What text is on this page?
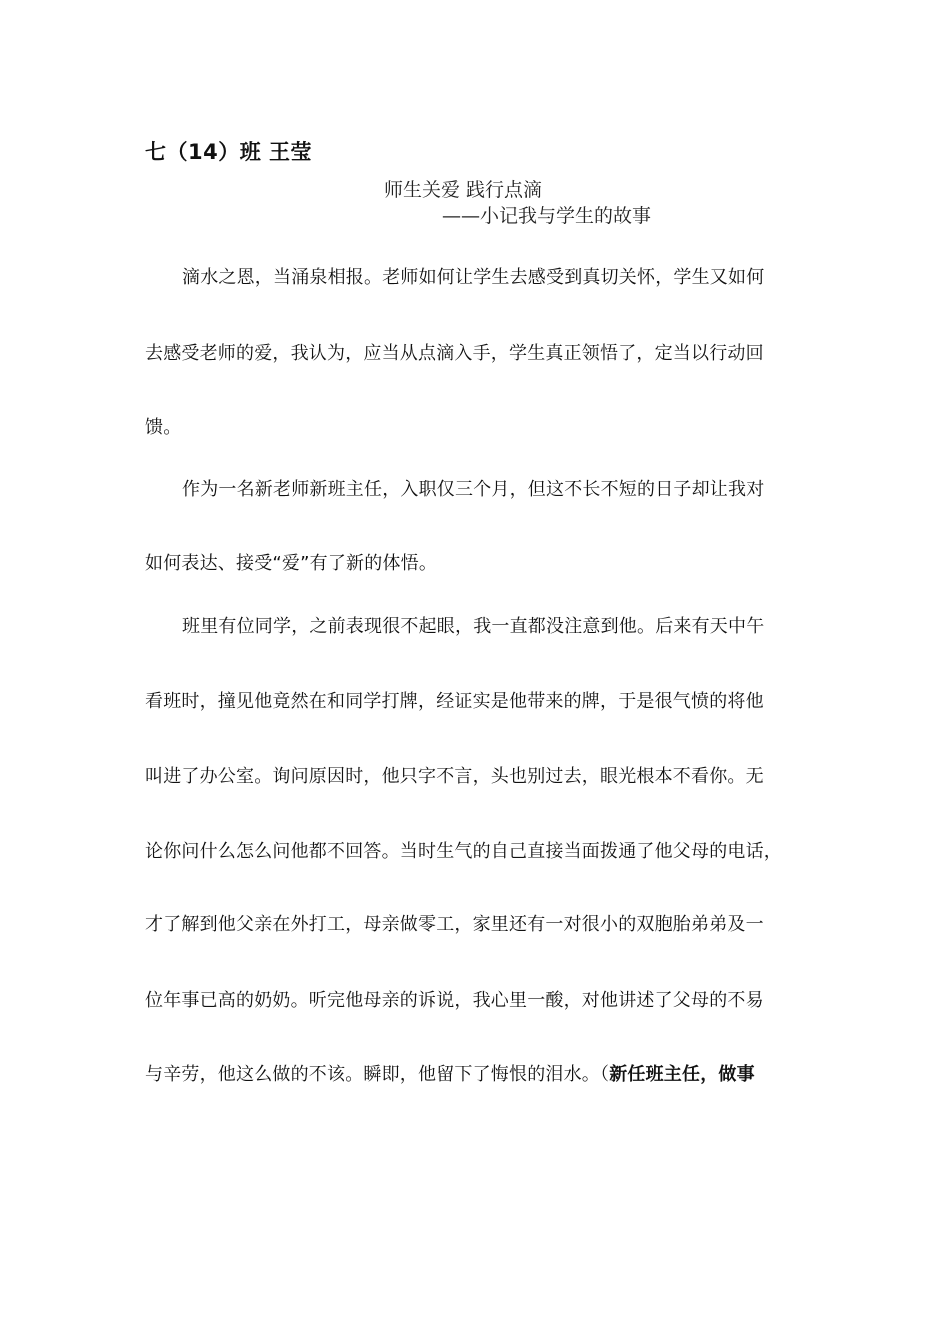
七（14）班 王莹
师生关爱 践行点滴
——小记我与学生的故事
滴水之恩，当涌泉相报。老师如何让学生去感受到真切关怀，学生又如何
去感受老师的爱，我认为，应当从点滴入手，学生真正领悟了，定当以行动回
馈。
作为一名新老师新班主任，入职仅三个月，但这不长不短的日子却让我对
如何表达、接受“爱”有了新的体悟。
班里有位同学，之前表现很不起眼，我一直都没注意到他。后来有天中午
看班时，撞见他竟然在和同学打牌，经证实是他带来的牌，于是很气愤的将他
叫进了办公室。询问原因时，他只字不言，头也别过去，眼光根本不看你。无
论你问什么怎么问他都不回答。当时生气的自己直接当面拨通了他父母的电话，
才了解到他父亲在外打工，母亲做零工，家里还有一对很小的双胞胎弟弟及一
位年事已高的奶奶。听完他母亲的诉说，我心里一酸，对他讲述了父母的不易
与辛劳，他这么做的不该。瞬即，他留下了悔恨的泪水。（新任班主任，做事
